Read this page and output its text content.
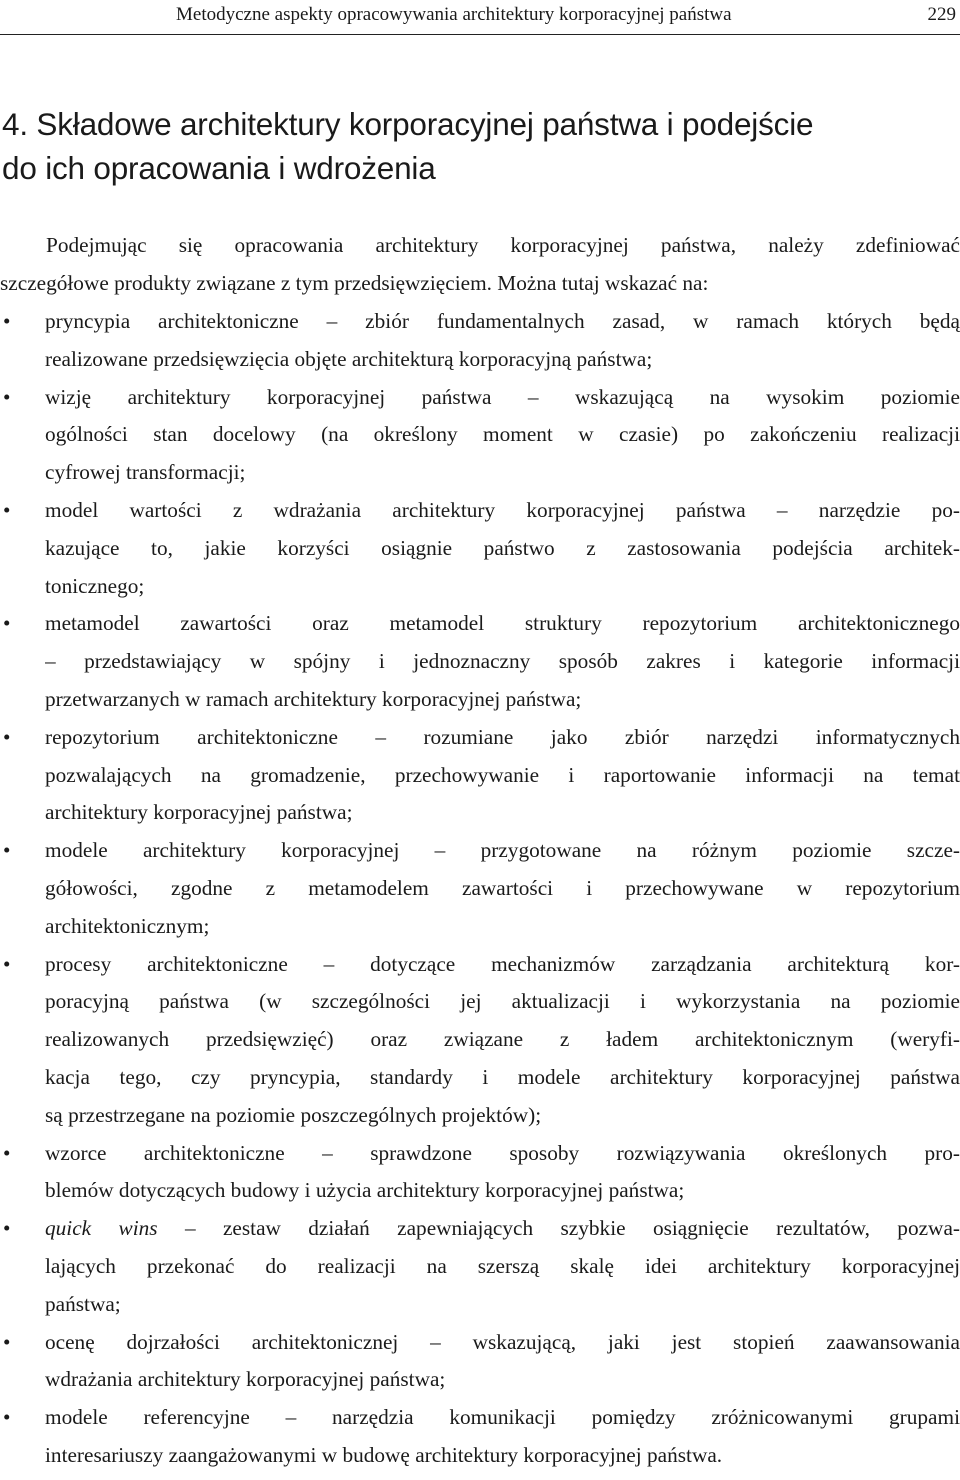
Metodyczne aspekty opracowywania architektury korporacyjnej państwa	229
4. Składowe architektury korporacyjnej państwa i podejście
do ich opracowania i wdrożenia
Podejmując się opracowania architektury korporacyjnej państwa, należy zdefiniować
szczegółowe produkty związane z tym przedsięwzięciem. Można tutaj wskazać na:
• pryncypia architektoniczne – zbiór fundamentalnych zasad, w ramach których będą
realizowane przedsięwzięcia objęte architekturą korporacyjną państwa;
• wizję architektury korporacyjnej państwa – wskazującą na wysokim poziomie
ogólności stan docelowy (na określony moment w czasie) po zakończeniu realizacji
cyfrowej transformacji;
• model wartości z wdrażania architektury korporacyjnej państwa – narzędzie po-
kazujące to, jakie korzyści osiągnie państwo z zastosowania podejścia architek-
tonicznego;
• metamodel zawartości oraz metamodel struktury repozytorium architektonicznego
– przedstawiający w spójny i jednoznaczny sposób zakres i kategorie informacji
przetwarzanych w ramach architektury korporacyjnej państwa;
• repozytorium architektoniczne – rozumiane jako zbiór narzędzi informatycznych
pozwalających na gromadzenie, przechowywanie i raportowanie informacji na temat
architektury korporacyjnej państwa;
• modele architektury korporacyjnej – przygotowane na różnym poziomie szcze-
gółowości, zgodne z metamodelem zawartości i przechowywane w repozytorium
architektonicznym;
• procesy architektoniczne – dotyczące mechanizmów zarządzania architekturą kor-
poracyjną państwa (w szczególności jej aktualizacji i wykorzystania na poziomie
realizowanych przedsięwzięć) oraz związane z ładem architektonicznym (weryfi-
kacja tego, czy pryncypia, standardy i modele architektury korporacyjnej państwa
są przestrzegane na poziomie poszczególnych projektów);
• wzorce architektoniczne – sprawdzone sposoby rozwiązywania określonych pro-
blemów dotyczących budowy i użycia architektury korporacyjnej państwa;
• quick wins – zestaw działań zapewniających szybkie osiągnięcie rezultatów, pozwa-
lających przekonać do realizacji na szerszą skalę idei architektury korporacyjnej
państwa;
• ocenę dojrzałości architektonicznej – wskazującą, jaki jest stopień zaawansowania
wdrażania architektury korporacyjnej państwa;
• modele referencyjne – narzędzia komunikacji pomiędzy zróżnicowanymi grupami
interesariuszy zaangażowanymi w budowę architektury korporacyjnej państwa.
